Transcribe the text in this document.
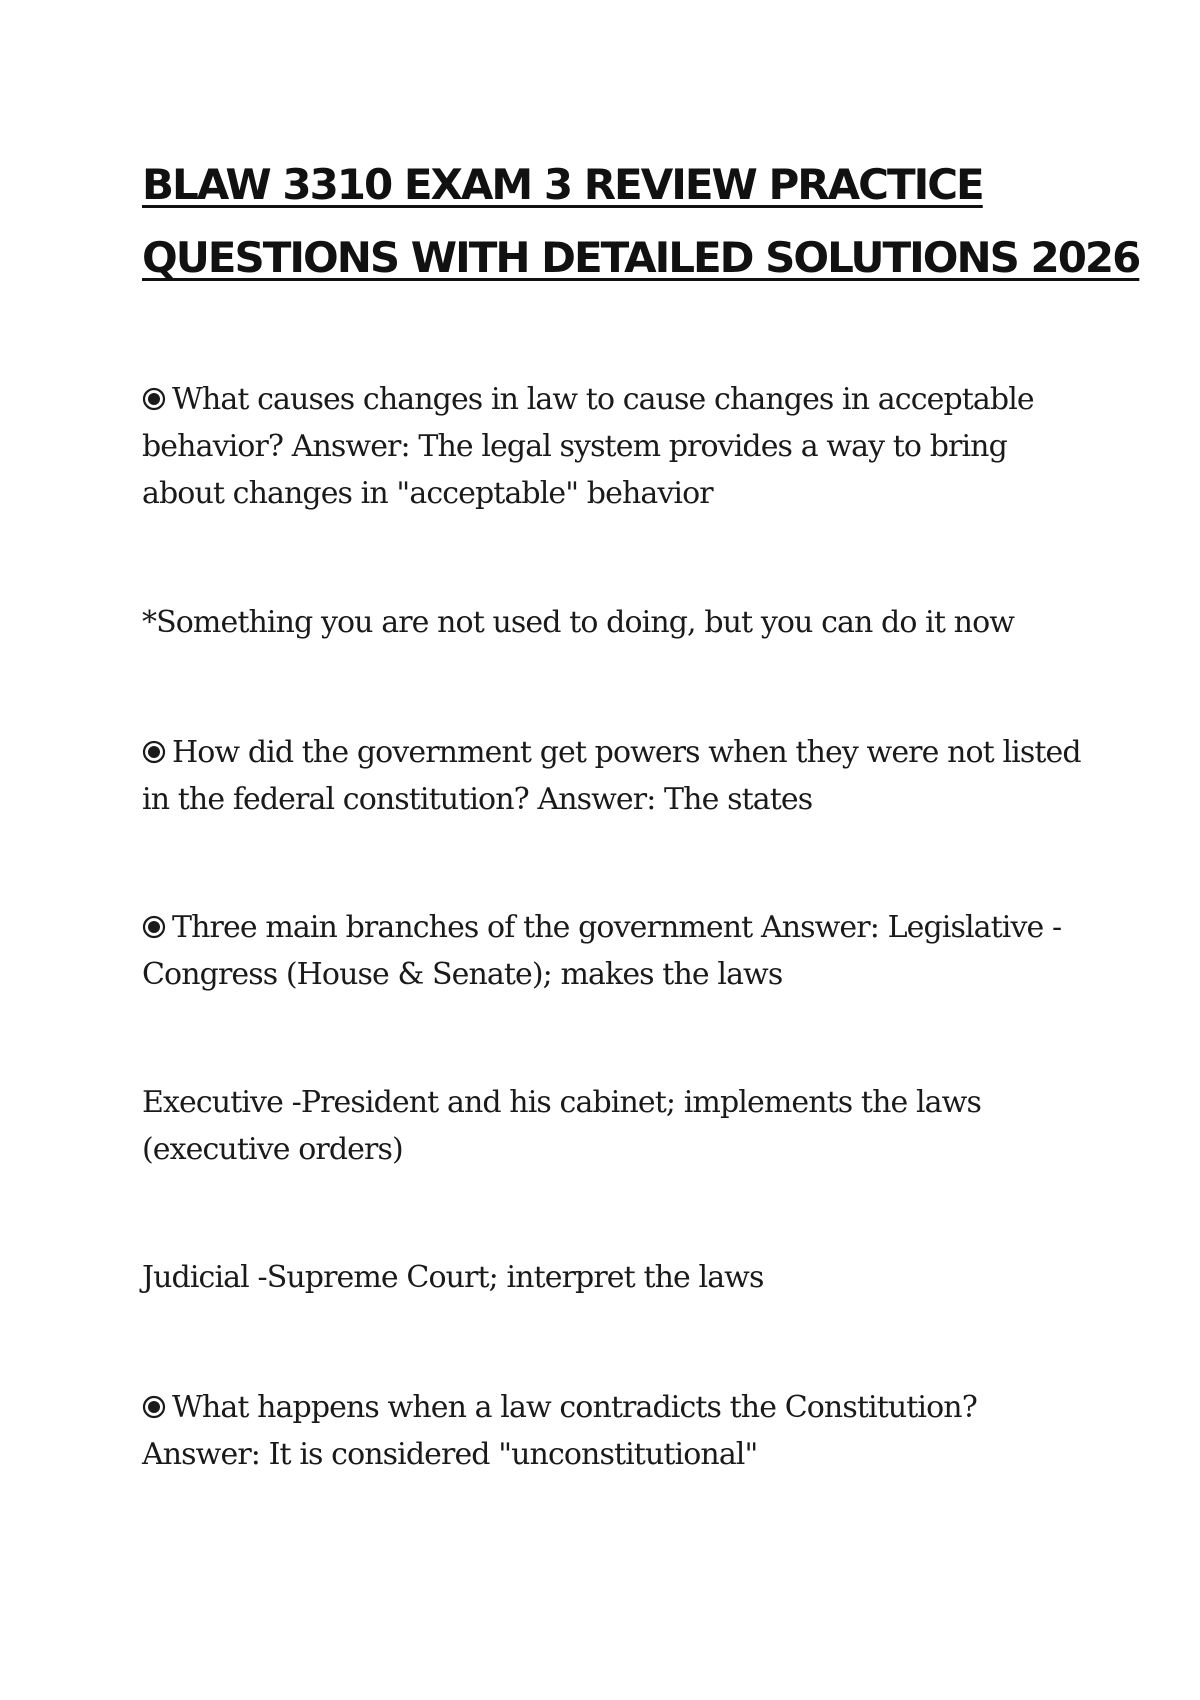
BLAW 3310 EXAM 3 REVIEW PRACTICE
QUESTIONS WITH DETAILED SOLUTIONS 2026

What causes changes in law to cause changes in acceptable behavior? Answer: The legal system provides a way to bring about changes in "acceptable" behavior

*Something you are not used to doing, but you can do it now

How did the government get powers when they were not listed in the federal constitution? Answer: The states

Three main branches of the government Answer: Legislative -Congress (House & Senate); makes the laws

Executive -President and his cabinet; implements the laws (executive orders)

Judicial -Supreme Court; interpret the laws

What happens when a law contradicts the Constitution? Answer: It is considered "unconstitutional"
